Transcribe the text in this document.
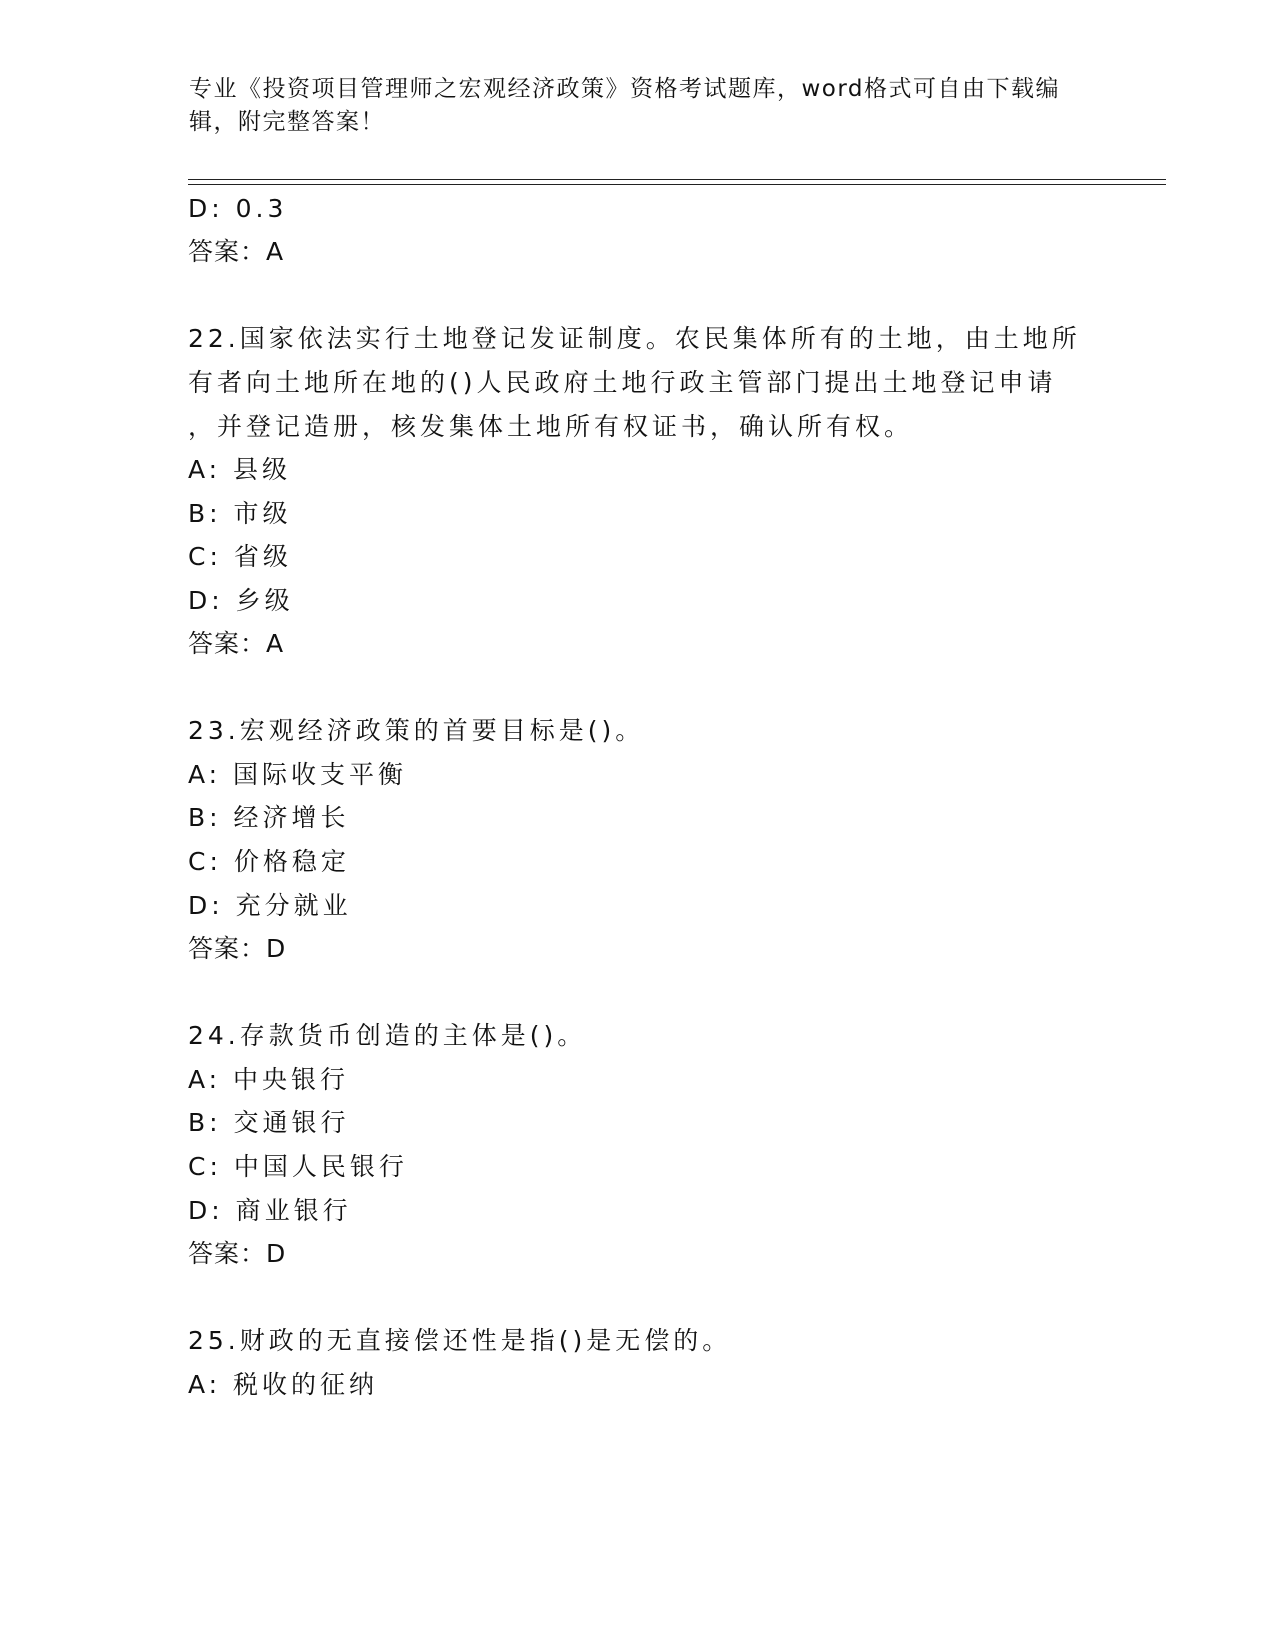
专业《投资项目管理师之宏观经济政策》资格考试题库，word格式可自由下载编辑，附完整答案！
D: 0.3
答案：A
22.国家依法实行土地登记发证制度。农民集体所有的土地，由土地所
有者向土地所在地的()人民政府土地行政主管部门提出土地登记申请
，并登记造册，核发集体土地所有权证书，确认所有权。
A: 县级
B: 市级
C: 省级
D: 乡级
答案：A
23.宏观经济政策的首要目标是()。
A: 国际收支平衡
B: 经济增长
C: 价格稳定
D: 充分就业
答案：D
24.存款货币创造的主体是()。
A: 中央银行
B: 交通银行
C: 中国人民银行
D: 商业银行
答案：D
25.财政的无直接偿还性是指()是无偿的。
A: 税收的征纳
